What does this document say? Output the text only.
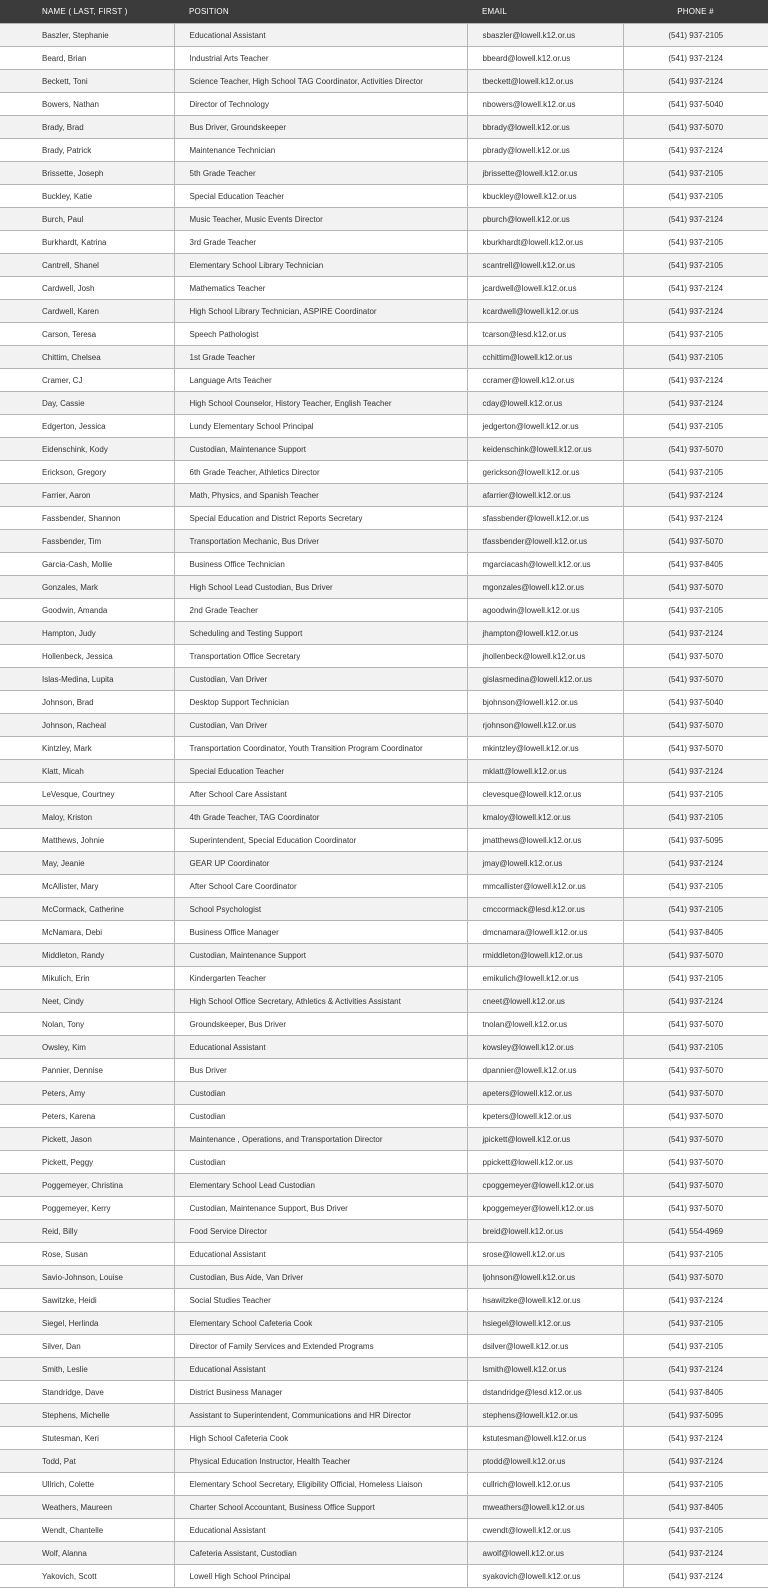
NAME ( LAST, FIRST )	POSITION	EMAIL	PHONE #
Baszler, Stephanie	Educational Assistant	sbaszler@lowell.k12.or.us	(541) 937-2105
Beard, Brian	Industrial Arts Teacher	bbeard@lowell.k12.or.us	(541) 937-2124
Beckett, Toni	Science Teacher, High School TAG Coordinator, Activities Director	tbeckett@lowell.k12.or.us	(541) 937-2124
Bowers, Nathan	Director of Technology	nbowers@lowell.k12.or.us	(541) 937-5040
Brady, Brad	Bus Driver, Groundskeeper	bbrady@lowell.k12.or.us	(541) 937-5070
Brady, Patrick	Maintenance Technician	pbrady@lowell.k12.or.us	(541) 937-2124
Brissette, Joseph	5th Grade Teacher	jbrissette@lowell.k12.or.us	(541) 937-2105
Buckley, Katie	Special Education Teacher	kbuckley@lowell.k12.or.us	(541) 937-2105
Burch, Paul	Music Teacher, Music Events Director	pburch@lowell.k12.or.us	(541) 937-2124
Burkhardt, Katrina	3rd Grade Teacher	kburkhardt@lowell.k12.or.us	(541) 937-2105
Cantrell, Shanel	Elementary School Library Technician	scantrell@lowell.k12.or.us	(541) 937-2105
Cardwell, Josh	Mathematics Teacher	jcardwell@lowell.k12.or.us	(541) 937-2124
Cardwell, Karen	High School Library Technician, ASPIRE Coordinator	kcardwell@lowell.k12.or.us	(541) 937-2124
Carson, Teresa	Speech Pathologist	tcarson@lesd.k12.or.us	(541) 937-2105
Chittim, Chelsea	1st Grade Teacher	cchittim@lowell.k12.or.us	(541) 937-2105
Cramer, CJ	Language Arts Teacher	ccramer@lowell.k12.or.us	(541) 937-2124
Day, Cassie	High School Counselor, History Teacher, English Teacher	cday@lowell.k12.or.us	(541) 937-2124
Edgerton, Jessica	Lundy Elementary School Principal	jedgerton@lowell.k12.or.us	(541) 937-2105
Eidenschink, Kody	Custodian, Maintenance Support	keidenschink@lowell.k12.or.us	(541) 937-5070
Erickson, Gregory	6th Grade Teacher, Athletics Director	gerickson@lowell.k12.or.us	(541) 937-2105
Farrier, Aaron	Math, Physics, and Spanish Teacher	afarrier@lowell.k12.or.us	(541) 937-2124
Fassbender, Shannon	Special Education and District Reports Secretary	sfassbender@lowell.k12.or.us	(541) 937-2124
Fassbender, Tim	Transportation Mechanic, Bus Driver	tfassbender@lowell.k12.or.us	(541) 937-5070
Garcia-Cash, Mollie	Business Office Technician	mgarciacash@lowell.k12.or.us	(541) 937-8405
Gonzales, Mark	High School Lead Custodian, Bus Driver	mgonzales@lowell.k12.or.us	(541) 937-5070
Goodwin, Amanda	2nd Grade Teacher	agoodwin@lowell.k12.or.us	(541) 937-2105
Hampton, Judy	Scheduling and Testing Support	jhampton@lowell.k12.or.us	(541) 937-2124
Hollenbeck, Jessica	Transportation Office Secretary	jhollenbeck@lowell.k12.or.us	(541) 937-5070
Islas-Medina, Lupita	Custodian, Van Driver	gislasmedina@lowell.k12.or.us	(541) 937-5070
Johnson, Brad	Desktop Support Technician	bjohnson@lowell.k12.or.us	(541) 937-5040
Johnson, Racheal	Custodian, Van Driver	rjohnson@lowell.k12.or.us	(541) 937-5070
Kintzley, Mark	Transportation Coordinator, Youth Transition Program Coordinator	mkintzley@lowell.k12.or.us	(541) 937-5070
Klatt, Micah	Special Education Teacher	mklatt@lowell.k12.or.us	(541) 937-2124
LeVesque, Courtney	After School Care Assistant	clevesque@lowell.k12.or.us	(541) 937-2105
Maloy, Kriston	4th Grade Teacher, TAG Coordinator	kmaloy@lowell.k12.or.us	(541) 937-2105
Matthews, Johnie	Superintendent, Special Education Coordinator	jmatthews@lowell.k12.or.us	(541) 937-5095
May, Jeanie	GEAR UP Coordinator	jmay@lowell.k12.or.us	(541) 937-2124
McAllister, Mary	After School Care Coordinator	mmcallister@lowell.k12.or.us	(541) 937-2105
McCormack, Catherine	School Psychologist	cmccormack@lesd.k12.or.us	(541) 937-2105
McNamara, Debi	Business Office Manager	dmcnamara@lowell.k12.or.us	(541) 937-8405
Middleton, Randy	Custodian, Maintenance Support	rmiddleton@lowell.k12.or.us	(541) 937-5070
Mikulich, Erin	Kindergarten Teacher	emikulich@lowell.k12.or.us	(541) 937-2105
Neet, Cindy	High School Office Secretary, Athletics & Activities Assistant	cneet@lowell.k12.or.us	(541) 937-2124
Nolan, Tony	Groundskeeper, Bus Driver	tnolan@lowell.k12.or.us	(541) 937-5070
Owsley, Kim	Educational Assistant	kowsley@lowell.k12.or.us	(541) 937-2105
Pannier, Dennise	Bus Driver	dpannier@lowell.k12.or.us	(541) 937-5070
Peters, Amy	Custodian	apeters@lowell.k12.or.us	(541) 937-5070
Peters, Karena	Custodian	kpeters@lowell.k12.or.us	(541) 937-5070
Pickett, Jason	Maintenance , Operations, and Transportation Director	jpickett@lowell.k12.or.us	(541) 937-5070
Pickett, Peggy	Custodian	ppickett@lowell.k12.or.us	(541) 937-5070
Poggemeyer, Christina	Elementary School Lead Custodian	cpoggemeyer@lowell.k12.or.us	(541) 937-5070
Poggemeyer, Kerry	Custodian, Maintenance Support, Bus Driver	kpoggemeyer@lowell.k12.or.us	(541) 937-5070
Reid, Billy	Food Service Director	breid@lowell.k12.or.us	(541) 554-4969
Rose, Susan	Educational Assistant	srose@lowell.k12.or.us	(541) 937-2105
Savio-Johnson, Louise	Custodian, Bus Aide, Van Driver	ljohnson@lowell.k12.or.us	(541) 937-5070
Sawitzke, Heidi	Social Studies Teacher	hsawitzke@lowell.k12.or.us	(541) 937-2124
Siegel, Herlinda	Elementary School Cafeteria Cook	hsiegel@lowell.k12.or.us	(541) 937-2105
Silver, Dan	Director of Family Services and Extended Programs	dsilver@lowell.k12.or.us	(541) 937-2105
Smith, Leslie	Educational Assistant	lsmith@lowell.k12.or.us	(541) 937-2124
Standridge, Dave	District Business Manager	dstandridge@lesd.k12.or.us	(541) 937-8405
Stephens, Michelle	Assistant to Superintendent, Communications and HR Director	stephens@lowell.k12.or.us	(541) 937-5095
Stutesman, Keri	High School Cafeteria Cook	kstutesman@lowell.k12.or.us	(541) 937-2124
Todd, Pat	Physical Education Instructor, Health Teacher	ptodd@lowell.k12.or.us	(541) 937-2124
Ullrich, Colette	Elementary School Secretary, Eligibility Official, Homeless Liaison	cullrich@lowell.k12.or.us	(541) 937-2105
Weathers, Maureen	Charter School Accountant, Business Office Support	mweathers@lowell.k12.or.us	(541) 937-8405
Wendt, Chantelle	Educational Assistant	cwendt@lowell.k12.or.us	(541) 937-2105
Wolf, Alanna	Cafeteria Assistant, Custodian	awolf@lowell.k12.or.us	(541) 937-2124
Yakovich, Scott	Lowell High School Principal	syakovich@lowell.k12.or.us	(541) 937-2124
